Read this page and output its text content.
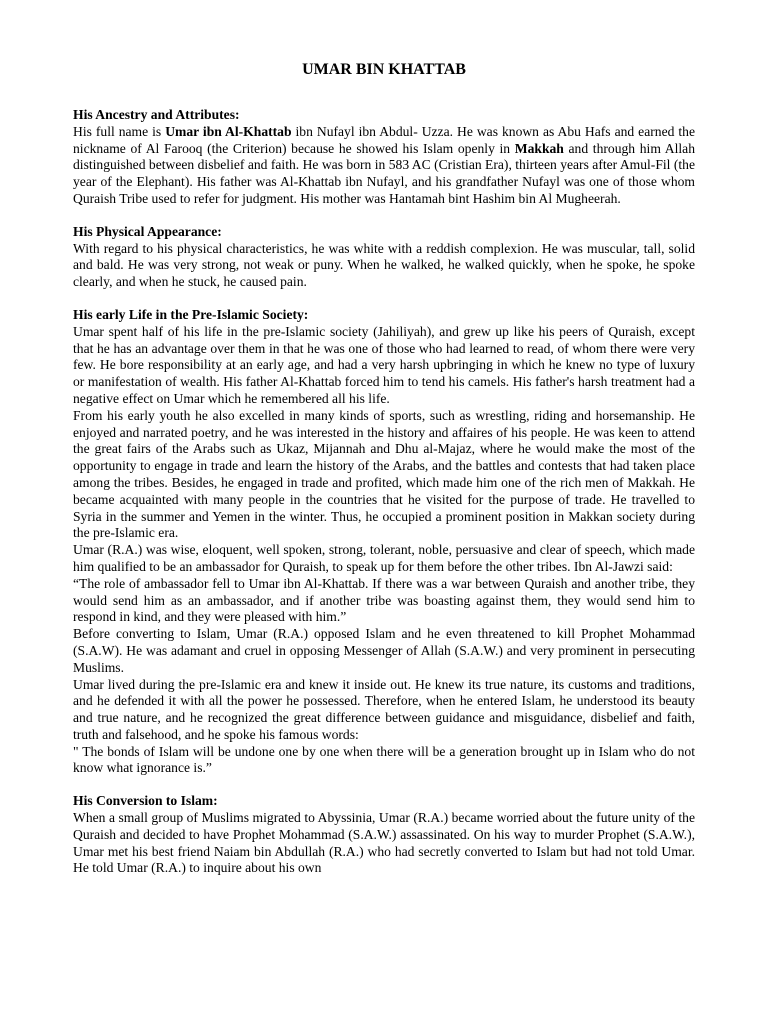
UMAR BIN KHATTAB
His Ancestry and Attributes:

His full name is Umar ibn Al-Khattab ibn Nufayl ibn Abdul- Uzza. He was known as Abu Hafs and earned the nickname of Al Farooq (the Criterion) because he showed his Islam openly in Makkah and through him Allah distinguished between disbelief and faith. He was born in 583 AC (Cristian Era), thirteen years after Amul-Fil (the year of the Elephant). His father was Al-Khattab ibn Nufayl, and his grandfather Nufayl was one of those whom Quraish Tribe used to refer for judgment. His mother was Hantamah bint Hashim bin Al Mugheerah.

His Physical Appearance:

With regard to his physical characteristics, he was white with a reddish complexion. He was muscular, tall, solid and bald. He was very strong, not weak or puny. When he walked, he walked quickly, when he spoke, he spoke clearly, and when he stuck, he caused pain.

His early Life in the Pre-Islamic Society:

Umar spent half of his life in the pre-Islamic society (Jahiliyah), and grew up like his peers of Quraish, except that he has an advantage over them in that he was one of those who had learned to read, of whom there were very few. He bore responsibility at an early age, and had a very harsh upbringing in which he knew no type of luxury or manifestation of wealth. His father Al-Khattab forced him to tend his camels. His father's harsh treatment had a negative effect on Umar which he remembered all his life.

From his early youth he also excelled in many kinds of sports, such as wrestling, riding and horsemanship. He enjoyed and narrated poetry, and he was interested in the history and affaires of his people. He was keen to attend the great fairs of the Arabs such as Ukaz, Mijannah and Dhu al-Majaz, where he would make the most of the opportunity to engage in trade and learn the history of the Arabs, and the battles and contests that had taken place among the tribes. Besides, he engaged in trade and profited, which made him one of the rich men of Makkah. He became acquainted with many people in the countries that he visited for the purpose of trade. He travelled to Syria in the summer and Yemen in the winter. Thus, he occupied a prominent position in Makkan society during the pre-Islamic era.

Umar (R.A.) was wise, eloquent, well spoken, strong, tolerant, noble, persuasive and clear of speech, which made him qualified to be an ambassador for Quraish, to speak up for them before the other tribes. Ibn Al-Jawzi said:

“The role of ambassador fell to Umar ibn Al-Khattab. If there was a war between Quraish and another tribe, they would send him as an ambassador, and if another tribe was boasting against them, they would send him to respond in kind, and they were pleased with him.”

Before converting to Islam, Umar (R.A.) opposed Islam and he even threatened to kill Prophet Mohammad (S.A.W). He was adamant and cruel in opposing Messenger of Allah (S.A.W.) and very prominent in persecuting Muslims.

Umar lived during the pre-Islamic era and knew it inside out. He knew its true nature, its customs and traditions, and he defended it with all the power he possessed. Therefore, when he entered Islam, he understood its beauty and true nature, and he recognized the great difference between guidance and misguidance, disbelief and faith, truth and falsehood, and he spoke his famous words:

" The bonds of Islam will be undone one by one when there will be a generation brought up in Islam who do not know what ignorance is.”

His Conversion to Islam:

When a small group of Muslims migrated to Abyssinia, Umar (R.A.) became worried about the future unity of the Quraish and decided to have Prophet Mohammad (S.A.W.) assassinated. On his way to murder Prophet (S.A.W.), Umar met his best friend Naiam bin Abdullah (R.A.) who had secretly converted to Islam but had not told Umar. He told Umar (R.A.) to inquire about his own
